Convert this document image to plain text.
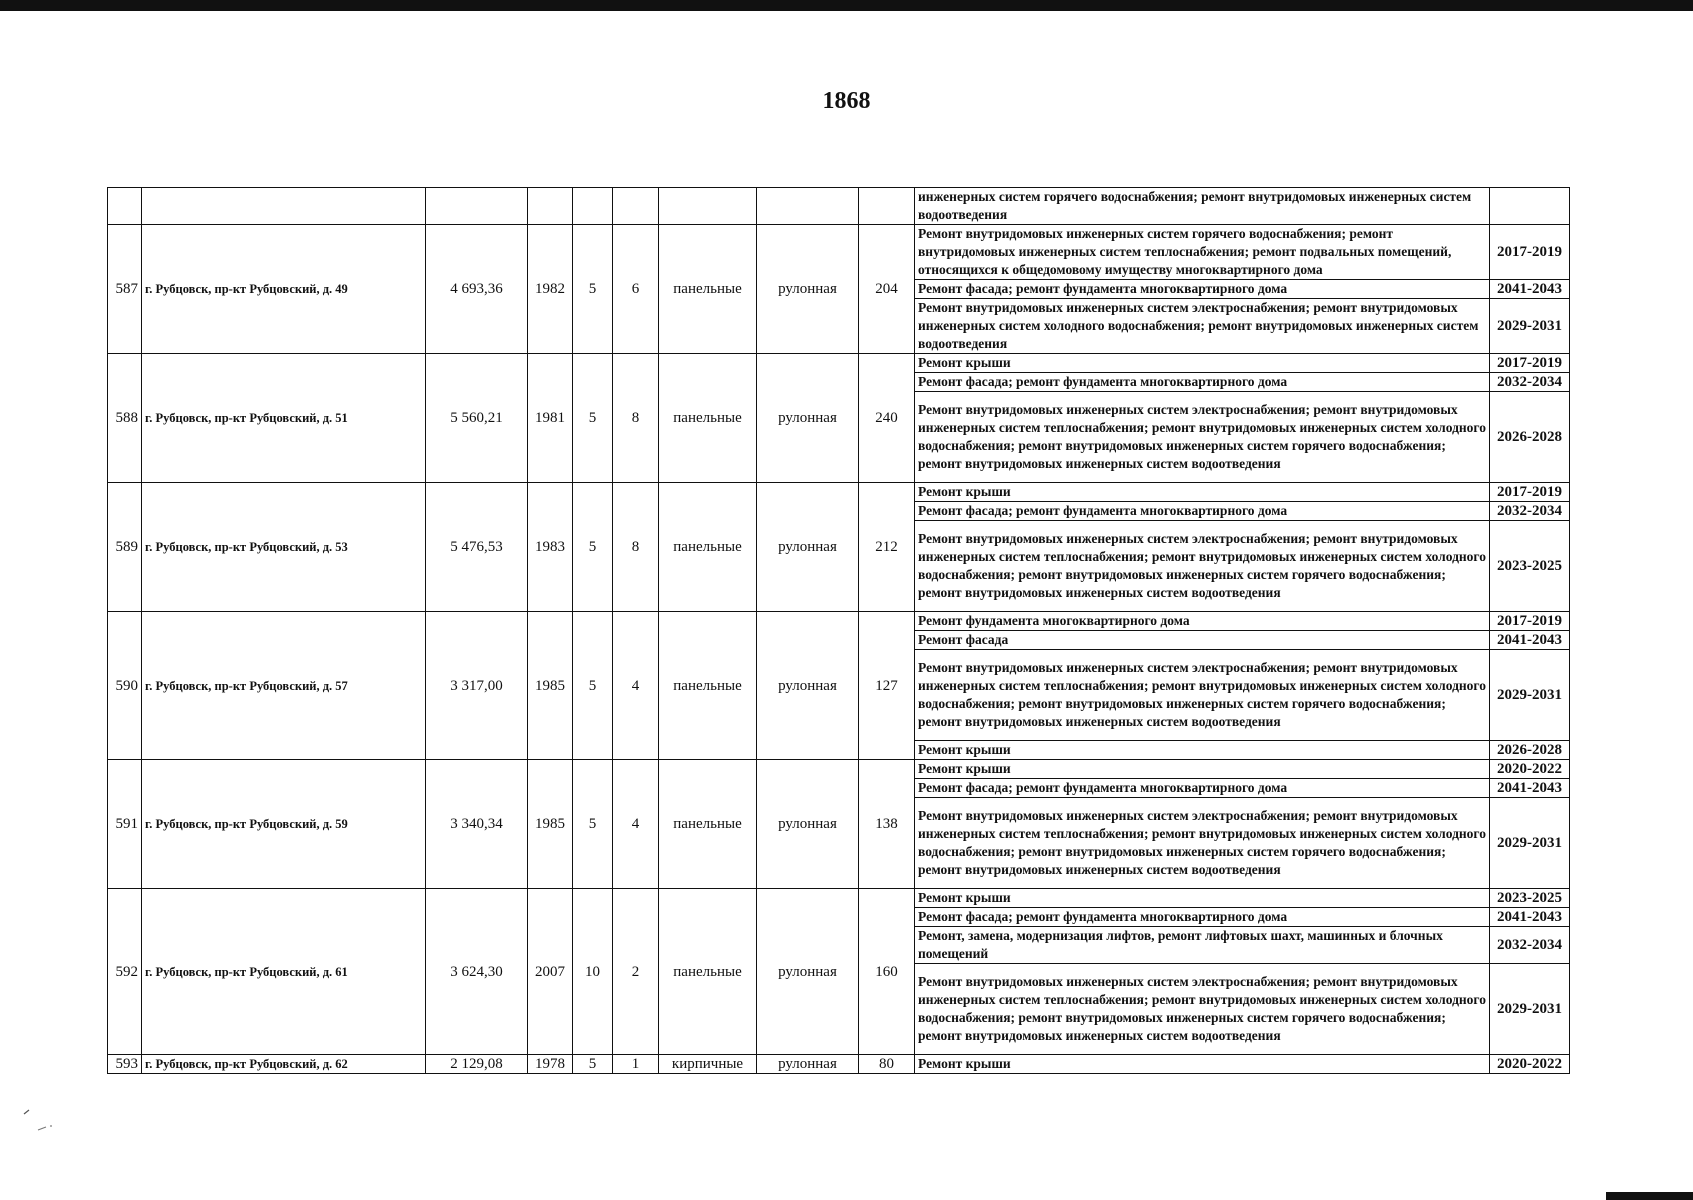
1868
									инженерных систем горячего водоснабжения; ремонт внутридомовых инженерных систем водоотведения	
587	г. Рубцовск, пр-кт Рубцовский, д. 49	4 693,36	1982	5	6	панельные	рулонная	204	Ремонт внутридомовых инженерных систем горячего водоснабжения; ремонт внутридомовых инженерных систем теплоснабжения; ремонт подвальных помещений, относящихся к общедомовому имуществу многоквартирного дома	2017-2019
									Ремонт фасада; ремонт фундамента многоквартирного дома	2041-2043
									Ремонт внутридомовых инженерных систем электроснабжения; ремонт внутридомовых инженерных систем холодного водоснабжения; ремонт внутридомовых инженерных систем водоотведения	2029-2031
588	г. Рубцовск, пр-кт Рубцовский, д. 51	5 560,21	1981	5	8	панельные	рулонная	240	Ремонт крыши	2017-2019
									Ремонт фасада; ремонт фундамента многоквартирного дома	2032-2034
									Ремонт внутридомовых инженерных систем электроснабжения; ремонт внутридомовых инженерных систем теплоснабжения; ремонт внутридомовых инженерных систем холодного водоснабжения; ремонт внутридомовых инженерных систем горячего водоснабжения; ремонт внутридомовых инженерных систем водоотведения	2026-2028
589	г. Рубцовск, пр-кт Рубцовский, д. 53	5 476,53	1983	5	8	панельные	рулонная	212	Ремонт крыши	2017-2019
									Ремонт фасада; ремонт фундамента многоквартирного дома	2032-2034
									Ремонт внутридомовых инженерных систем электроснабжения; ремонт внутридомовых инженерных систем теплоснабжения; ремонт внутридомовых инженерных систем холодного водоснабжения; ремонт внутридомовых инженерных систем горячего водоснабжения; ремонт внутридомовых инженерных систем водоотведения	2023-2025
590	г. Рубцовск, пр-кт Рубцовский, д. 57	3 317,00	1985	5	4	панельные	рулонная	127	Ремонт фундамента многоквартирного дома	2017-2019
									Ремонт фасада	2041-2043
									Ремонт внутридомовых инженерных систем электроснабжения; ремонт внутридомовых инженерных систем теплоснабжения; ремонт внутридомовых инженерных систем холодного водоснабжения; ремонт внутридомовых инженерных систем горячего водоснабжения; ремонт внутридомовых инженерных систем водоотведения	2029-2031
									Ремонт крыши	2026-2028
591	г. Рубцовск, пр-кт Рубцовский, д. 59	3 340,34	1985	5	4	панельные	рулонная	138	Ремонт крыши	2020-2022
									Ремонт фасада; ремонт фундамента многоквартирного дома	2041-2043
									Ремонт внутридомовых инженерных систем электроснабжения; ремонт внутридомовых инженерных систем теплоснабжения; ремонт внутридомовых инженерных систем холодного водоснабжения; ремонт внутридомовых инженерных систем горячего водоснабжения; ремонт внутридомовых инженерных систем водоотведения	2029-2031
592	г. Рубцовск, пр-кт Рубцовский, д. 61	3 624,30	2007	10	2	панельные	рулонная	160	Ремонт крыши	2023-2025
									Ремонт фасада; ремонт фундамента многоквартирного дома	2041-2043
									Ремонт, замена, модернизация лифтов, ремонт лифтовых шахт, машинных и блочных помещений	2032-2034
									Ремонт внутридомовых инженерных систем электроснабжения; ремонт внутридомовых инженерных систем теплоснабжения; ремонт внутридомовых инженерных систем холодного водоснабжения; ремонт внутридомовых инженерных систем горячего водоснабжения; ремонт внутридомовых инженерных систем водоотведения	2029-2031
593	г. Рубцовск, пр-кт Рубцовский, д. 62	2 129,08	1978	5	1	кирпичные	рулонная	80	Ремонт крыши	2020-2022
